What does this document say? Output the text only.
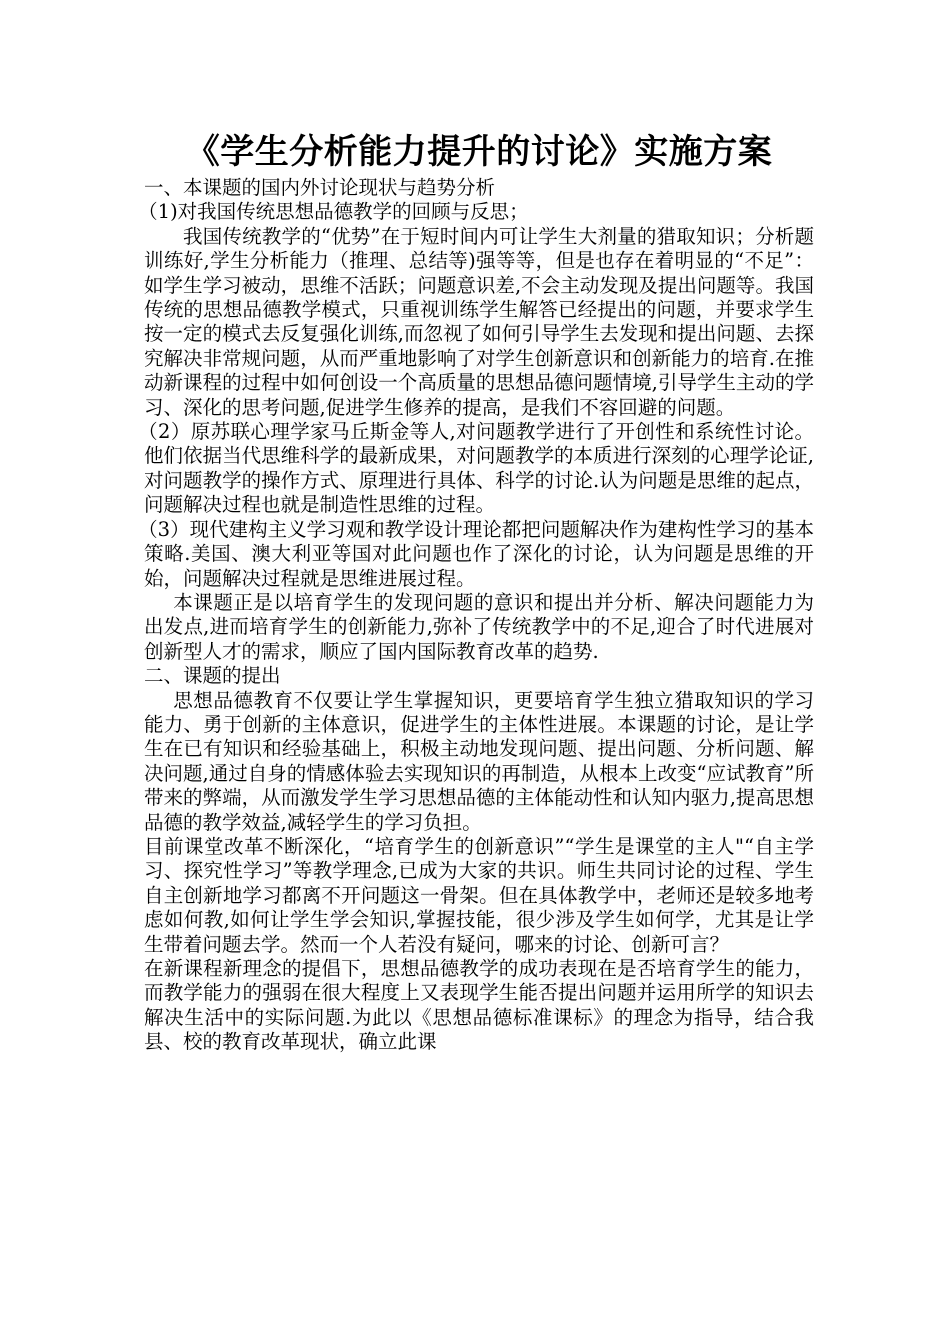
《学生分析能力提升的讨论》实施方案

一、本课题的国内外讨论现状与趋势分析

（1)对我国传统思想品德教学的回顾与反思；

我国传统教学的“优势”在于短时间内可让学生大剂量的猎取知识；分析题训练好,学生分析能力（推理、总结等)强等等，但是也存在着明显的“不足”：如学生学习被动，思维不活跃；问题意识差,不会主动发现及提出问题等。我国传统的思想品德教学模式，只重视训练学生解答已经提出的问题，并要求学生按一定的模式去反复强化训练,而忽视了如何引导学生去发现和提出问题、去探究解决非常规问题，从而严重地影响了对学生创新意识和创新能力的培育.在推动新课程的过程中如何创设一个高质量的思想品德问题情境,引导学生主动的学习、深化的思考问题,促进学生修养的提高，是我们不容回避的问题。

（2）原苏联心理学家马丘斯金等人,对问题教学进行了开创性和系统性讨论。他们依据当代思维科学的最新成果，对问题教学的本质进行深刻的心理学论证,对问题教学的操作方式、原理进行具体、科学的讨论.认为问题是思维的起点，问题解决过程也就是制造性思维的过程。

（3）现代建构主义学习观和教学设计理论都把问题解决作为建构性学习的基本策略.美国、澳大利亚等国对此问题也作了深化的讨论，认为问题是思维的开始，问题解决过程就是思维进展过程。

本课题正是以培育学生的发现问题的意识和提出并分析、解决问题能力为出发点,进而培育学生的创新能力,弥补了传统教学中的不足,迎合了时代进展对创新型人才的需求，顺应了国内国际教育改革的趋势.

二、课题的提出

思想品德教育不仅要让学生掌握知识，更要培育学生独立猎取知识的学习能力、勇于创新的主体意识，促进学生的主体性进展。本课题的讨论，是让学生在已有知识和经验基础上，积极主动地发现问题、提出问题、分析问题、解决问题,通过自身的情感体验去实现知识的再制造，从根本上改变“应试教育”所带来的弊端，从而激发学生学习思想品德的主体能动性和认知内驱力,提高思想品德的教学效益,减轻学生的学习负担。

目前课堂改革不断深化，“培育学生的创新意识”“学生是课堂的主人"“自主学习、探究性学习”等教学理念,已成为大家的共识。师生共同讨论的过程、学生自主创新地学习都离不开问题这一骨架。但在具体教学中，老师还是较多地考虑如何教,如何让学生学会知识,掌握技能，很少涉及学生如何学，尤其是让学生带着问题去学。然而一个人若没有疑问，哪来的讨论、创新可言？

在新课程新理念的提倡下，思想品德教学的成功表现在是否培育学生的能力，而教学能力的强弱在很大程度上又表现学生能否提出问题并运用所学的知识去解决生活中的实际问题.为此以《思想品德标准课标》的理念为指导，结合我县、校的教育改革现状，确立此课
